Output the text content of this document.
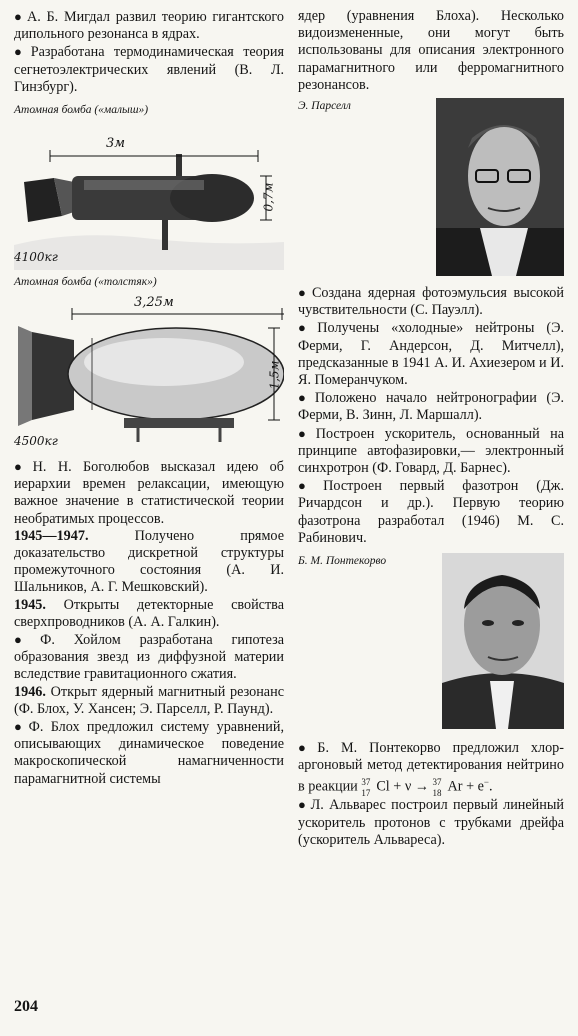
● А. Б. Мигдал развил теорию гигантского дипольного резонанса в ядрах.

● Разработана термодинамическая теория сегнетоэлектрических явлений (В. Л. Гинзбург).

Атомная бомба («малыш»)
3м
0,7м
4100кг
Атомная бомба («толстяк»)
3,25м
1,5м
4500кг

● Н. Н. Боголюбов высказал идею об иерархии времен релаксации, имеющую важное значение в статистической теории необратимых процессов.

1945—1947. Получено прямое доказательство дискретной структуры промежуточного состояния (А. И. Шальников, А. Г. Мешковский).

1945. Открыты детекторные свойства сверхпроводников (А. А. Галкин).

● Ф. Хойлом разработана гипотеза образования звезд из диффузной материи вследствие гравитационного сжатия.

1946. Открыт ядерный магнитный резонанс (Ф. Блох, У. Хансен; Э. Парселл, Р. Паунд).

● Ф. Блох предложил систему уравнений, описывающих динамическое поведение макроскопической намагниченности парамагнитной системы

ядер (уравнения Блоха). Несколько видоизмененные, они могут быть использованы для описания электронного парамагнитного или ферромагнитного резонансов.

Э. Парселл

● Создана ядерная фотоэмульсия высокой чувствительности (С. Пауэлл).

● Получены «холодные» нейтроны (Э. Ферми, Г. Андерсон, Д. Митчелл), предсказанные в 1941 А. И. Ахиезером и И. Я. Померанчуком.

● Положено начало нейтронографии (Э. Ферми, В. Зинн, Л. Маршалл).

● Построен ускоритель, основанный на принципе автофазировки,— электронный синхротрон (Ф. Говард, Д. Барнес).

● Построен первый фазотрон (Дж. Ричардсон и др.). Первую теорию фазотрона разработал (1946) М. С. Рабинович.

Б. М. Понтекорво

● Б. М. Понтекорво предложил хлор-аргоновый метод детектирования нейтрино в реакции 37
17 Cl + ν → 37
18 Ar + e−.

● Л. Альварес построил первый линейный ускоритель протонов с трубками дрейфа (ускоритель Альвареса).

204
